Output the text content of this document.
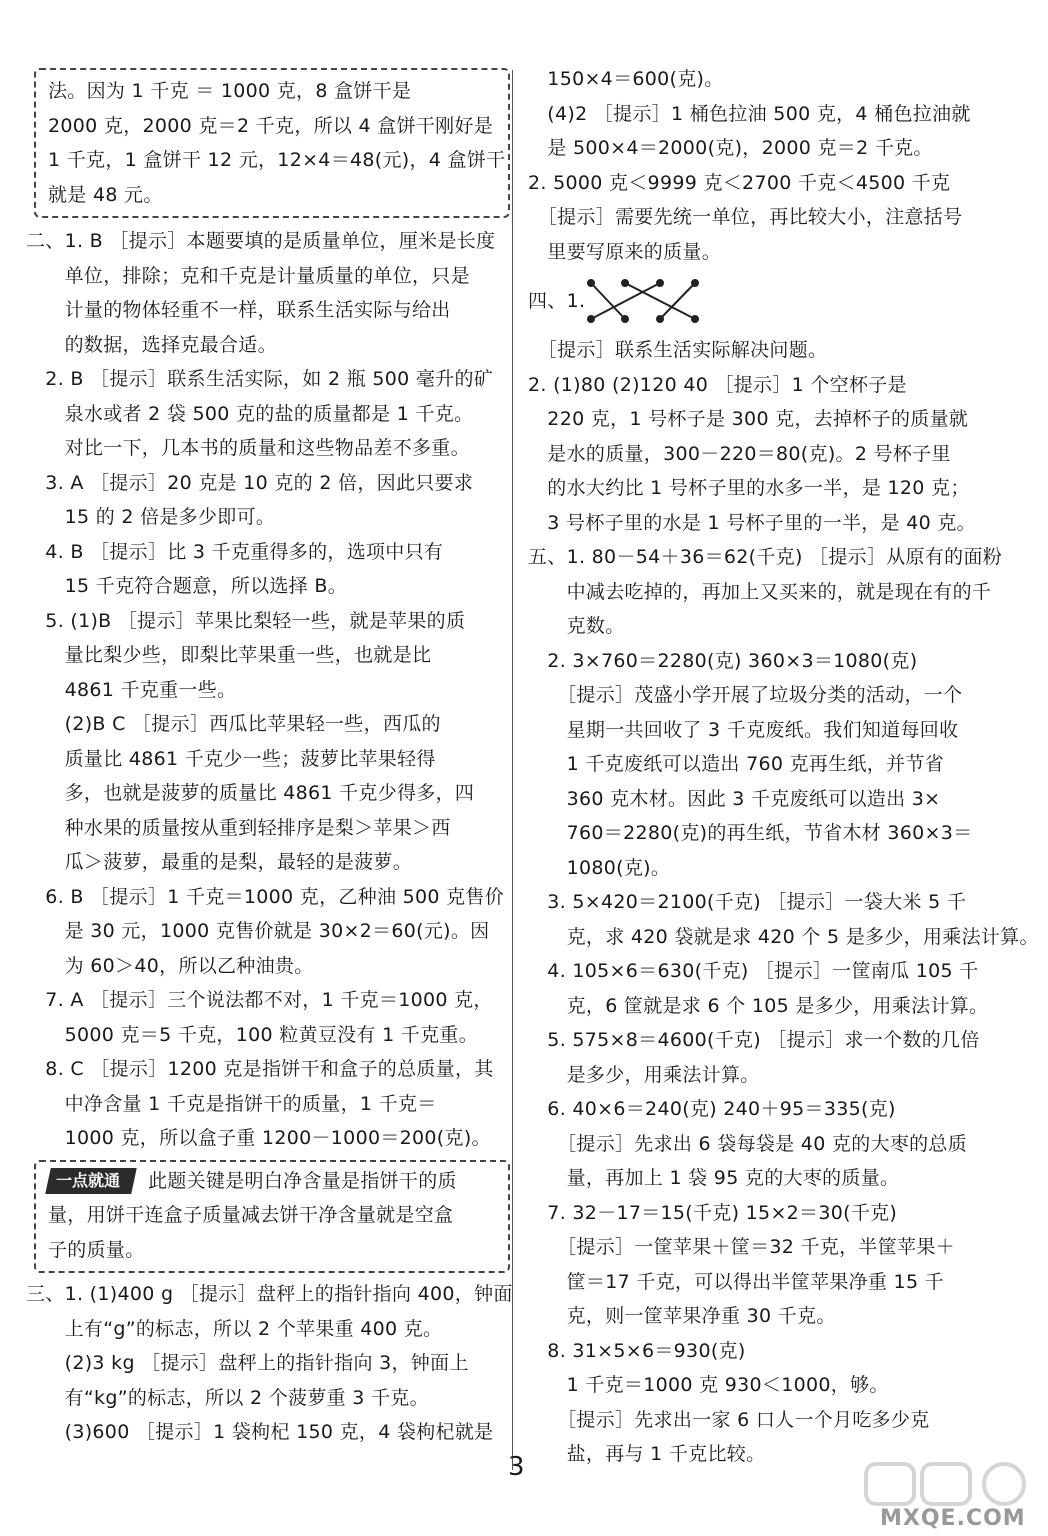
法。因为 1 千克 ＝ 1000 克，8 盒饼干是
2000 克，2000 克＝2 千克，所以 4 盒饼干刚好是
1 千克，1 盒饼干 12 元，12×4＝48(元)，4 盒饼干
就是 48 元。
二、1. B ［提示］本题要填的是质量单位，厘米是长度
　　单位，排除；克和千克是计量质量的单位，只是
　　计量的物体轻重不一样，联系生活实际与给出
　　的数据，选择克最合适。
　2. B ［提示］联系生活实际，如 2 瓶 500 毫升的矿
　　泉水或者 2 袋 500 克的盐的质量都是 1 千克。
　　对比一下，几本书的质量和这些物品差不多重。
　3. A ［提示］20 克是 10 克的 2 倍，因此只要求
　　15 的 2 倍是多少即可。
　4. B ［提示］比 3 千克重得多的，选项中只有
　　15 千克符合题意，所以选择 B。
　5. (1)B ［提示］苹果比梨轻一些，就是苹果的质
　　量比梨少些，即梨比苹果重一些，也就是比
　　4861 千克重一些。
　　(2)B C ［提示］西瓜比苹果轻一些，西瓜的
　　质量比 4861 千克少一些；菠萝比苹果轻得
　　多，也就是菠萝的质量比 4861 千克少得多，四
　　种水果的质量按从重到轻排序是梨＞苹果＞西
　　瓜＞菠萝，最重的是梨，最轻的是菠萝。
　6. B ［提示］1 千克＝1000 克，乙种油 500 克售价
　　是 30 元，1000 克售价就是 30×2＝60(元)。因
　　为 60＞40，所以乙种油贵。
　7. A ［提示］三个说法都不对，1 千克＝1000 克，
　　5000 克＝5 千克，100 粒黄豆没有 1 千克重。
　8. C ［提示］1200 克是指饼干和盒子的总质量，其
　　中净含量 1 千克是指饼干的质量，1 千克＝
　　1000 克，所以盒子重 1200－1000＝200(克)。
一点就通	此题关键是明白净含量是指饼干的质
量，用饼干连盒子质量减去饼干净含量就是空盒
子的质量。
三、1. (1)400 g ［提示］盘秤上的指针指向 400，钟面
　　上有“g”的标志，所以 2 个苹果重 400 克。
　　(2)3 kg ［提示］盘秤上的指针指向 3，钟面上
　　有“kg”的标志，所以 2 个菠萝重 3 千克。
　　(3)600 ［提示］1 袋枸杞 150 克，4 袋枸杞就是
　150×4＝600(克)。
　(4)2 ［提示］1 桶色拉油 500 克，4 桶色拉油就
　是 500×4＝2000(克)，2000 克＝2 千克。
2. 5000 克＜9999 克＜2700 千克＜4500 千克
　［提示］需要先统一单位，再比较大小，注意括号
　里要写原来的质量。
四、1.
　［提示］联系生活实际解决问题。
2. (1)80 (2)120 40 ［提示］1 个空杯子是
　220 克，1 号杯子是 300 克，去掉杯子的质量就
　是水的质量，300－220＝80(克)。2 号杯子里
　的水大约比 1 号杯子里的水多一半，是 120 克；
　3 号杯子里的水是 1 号杯子里的一半，是 40 克。
五、1. 80－54＋36＝62(千克) ［提示］从原有的面粉
　　中减去吃掉的，再加上又买来的，就是现在有的千
　　克数。
　2. 3×760＝2280(克) 360×3＝1080(克)
　　［提示］茂盛小学开展了垃圾分类的活动，一个
　　星期一共回收了 3 千克废纸。我们知道每回收
　　1 千克废纸可以造出 760 克再生纸，并节省
　　360 克木材。因此 3 千克废纸可以造出 3×
　　760＝2280(克)的再生纸，节省木材 360×3＝
　　1080(克)。
　3. 5×420＝2100(千克) ［提示］一袋大米 5 千
　　克，求 420 袋就是求 420 个 5 是多少，用乘法计算。
　4. 105×6＝630(千克) ［提示］一筐南瓜 105 千
　　克，6 筐就是求 6 个 105 是多少，用乘法计算。
　5. 575×8＝4600(千克) ［提示］求一个数的几倍
　　是多少，用乘法计算。
　6. 40×6＝240(克) 240＋95＝335(克)
　　［提示］先求出 6 袋每袋是 40 克的大枣的总质
　　量，再加上 1 袋 95 克的大枣的质量。
　7. 32－17＝15(千克) 15×2＝30(千克)
　　［提示］一筐苹果＋筐＝32 千克，半筐苹果＋
　　筐＝17 千克，可以得出半筐苹果净重 15 千
　　克，则一筐苹果净重 30 千克。
　8. 31×5×6＝930(克)
　　1 千克＝1000 克 930＜1000，够。
　　［提示］先求出一家 6 口人一个月吃多少克
　　盐，再与 1 千克比较。
3
MXQE.COM
